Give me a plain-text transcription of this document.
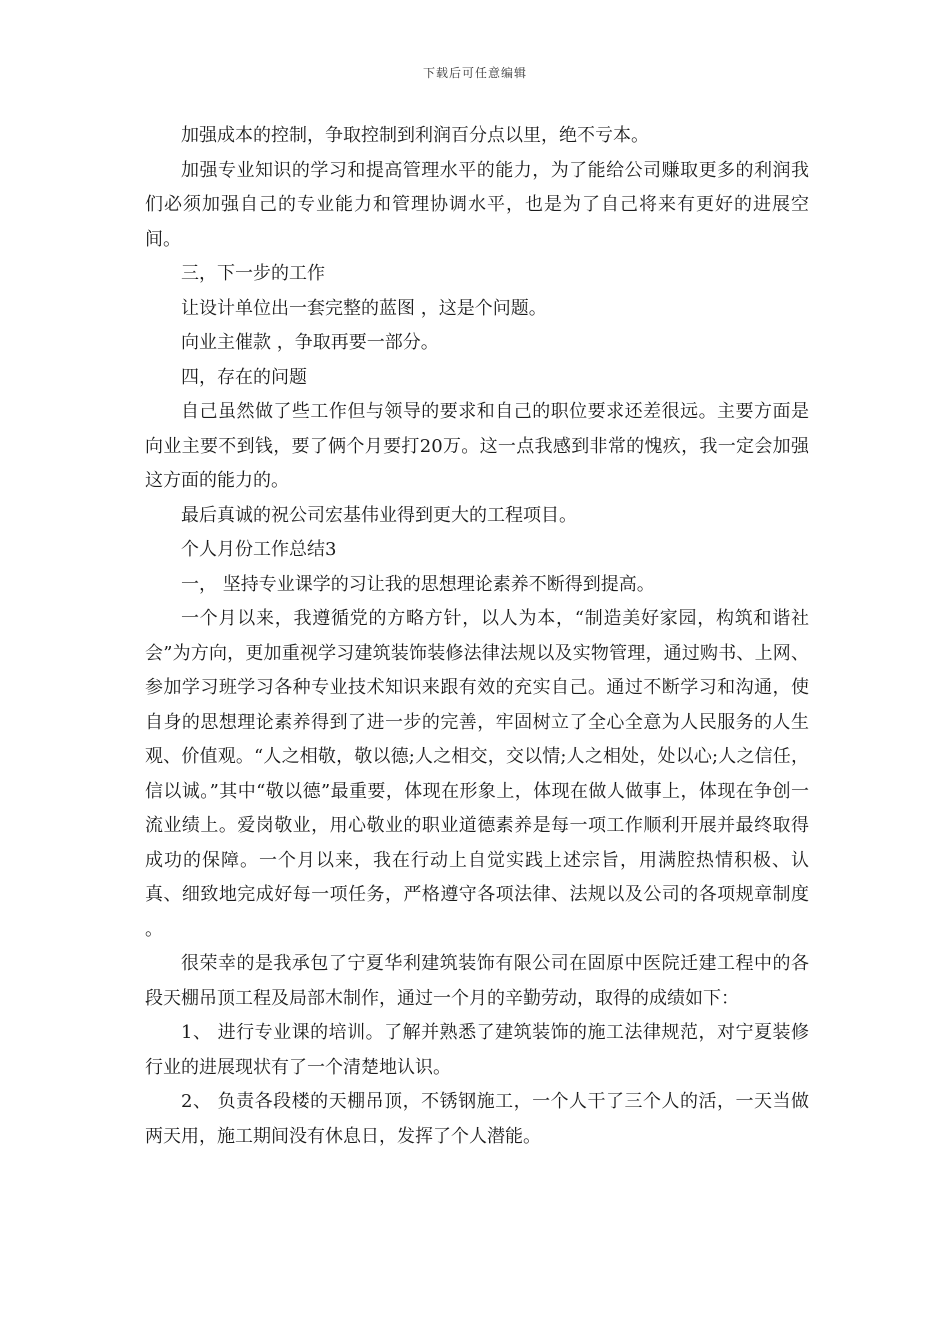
下载后可任意编辑

加强成本的控制，争取控制到利润百分点以里，绝不亏本。

加强专业知识的学习和提高管理水平的能力，为了能给公司赚取更多的利润我们必须加强自己的专业能力和管理协调水平，也是为了自己将来有更好的进展空间。

三，下一步的工作

让设计单位出一套完整的蓝图 ，这是个问题。

向业主催款 ，争取再要一部分。

四，存在的问题

自己虽然做了些工作但与领导的要求和自己的职位要求还差很远。主要方面是向业主要不到钱，要了俩个月要打20万。这一点我感到非常的愧疚，我一定会加强这方面的能力的。

最后真诚的祝公司宏基伟业得到更大的工程项目。

个人月份工作总结3

一， 坚持专业课学的习让我的思想理论素养不断得到提高。

一个月以来，我遵循党的方略方针，以人为本，“制造美好家园，构筑和谐社会”为方向，更加重视学习建筑装饰装修法律法规以及实物管理，通过购书、上网、参加学习班学习各种专业技术知识来跟有效的充实自己。通过不断学习和沟通，使自身的思想理论素养得到了进一步的完善，牢固树立了全心全意为人民服务的人生观、价值观。“人之相敬，敬以德;人之相交，交以情;人之相处，处以心;人之信任，信以诚。”其中“敬以德”最重要，体现在形象上，体现在做人做事上，体现在争创一流业绩上。爱岗敬业，用心敬业的职业道德素养是每一项工作顺利开展并最终取得成功的保障。一个月以来，我在行动上自觉实践上述宗旨，用满腔热情积极、认真、细致地完成好每一项任务，严格遵守各项法律、法规以及公司的各项规章制度 。

很荣幸的是我承包了宁夏华利建筑装饰有限公司在固原中医院迁建工程中的各段天棚吊顶工程及局部木制作，通过一个月的辛勤劳动，取得的成绩如下：

1、 进行专业课的培训。了解并熟悉了建筑装饰的施工法律规范，对宁夏装修行业的进展现状有了一个清楚地认识。

2、 负责各段楼的天棚吊顶，不锈钢施工，一个人干了三个人的活，一天当做两天用，施工期间没有休息日，发挥了个人潜能。
